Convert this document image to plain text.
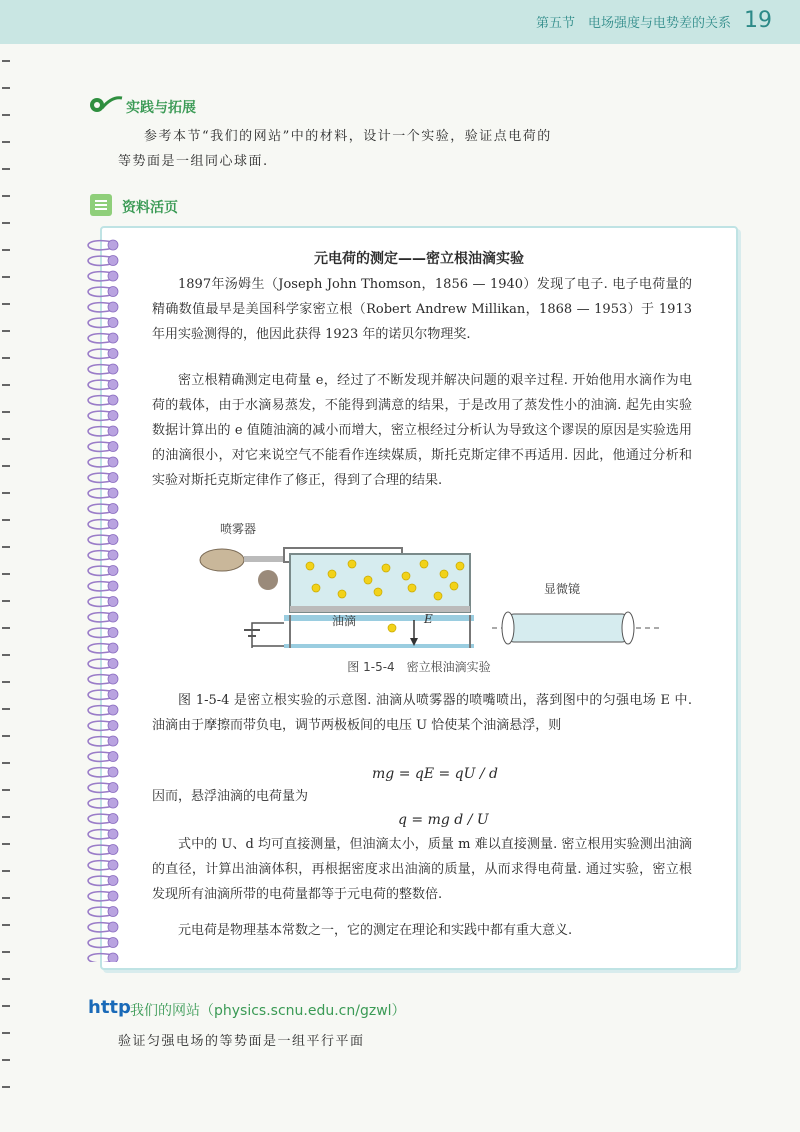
第五节　 电场强度与电势差的关系 19
实践与拓展

参考本节“我们的网站”中的材料，设计一个实验，验证点电荷的等势面是一组同心球面.

资料活页
元电荷的测定——密立根油滴实验

1897年汤姆生（Joseph John Thomson，1856 — 1940）发现了电子. 电子电荷量的精确数值最早是美国科学家密立根（Robert Andrew Millikan，1868 — 1953）于 1913 年用实验测得的，他因此获得 1923 年的诺贝尔物理奖.

密立根精确测定电荷量 e，经过了不断发现并解决问题的艰辛过程. 开始他用水滴作为电荷的载体，由于水滴易蒸发，不能得到满意的结果，于是改用了蒸发性小的油滴. 起先由实验数据计算出的 e 值随油滴的减小而增大，密立根经过分析认为导致这个谬误的原因是实验选用的油滴很小，对它来说空气不能看作连续媒质，斯托克斯定律不再适用. 因此，他通过分析和实验对斯托克斯定律作了修正，得到了合理的结果.

喷雾器
显微镜
油滴	E
图 1-5-4　密立根油滴实验

图 1-5-4 是密立根实验的示意图. 油滴从喷雾器的喷嘴喷出，落到图中的匀强电场 E 中. 油滴由于摩擦而带负电，调节两极板间的电压 U 恰使某个油滴悬浮，则

mg = qE = qU / d

因而，悬浮油滴的电荷量为

q = mg d / U

式中的 U、d 均可直接测量，但油滴太小，质量 m 难以直接测量. 密立根用实验测出油滴的直径，计算出油滴体积，再根据密度求出油滴的质量，从而求得电荷量. 通过实验，密立根发现所有油滴所带的电荷量都等于元电荷的整数倍.

元电荷是物理基本常数之一，它的测定在理论和实践中都有重大意义.

http 我们的网站（physics.scnu.edu.cn/gzwl）
验证匀强电场的等势面是一组平行平面
